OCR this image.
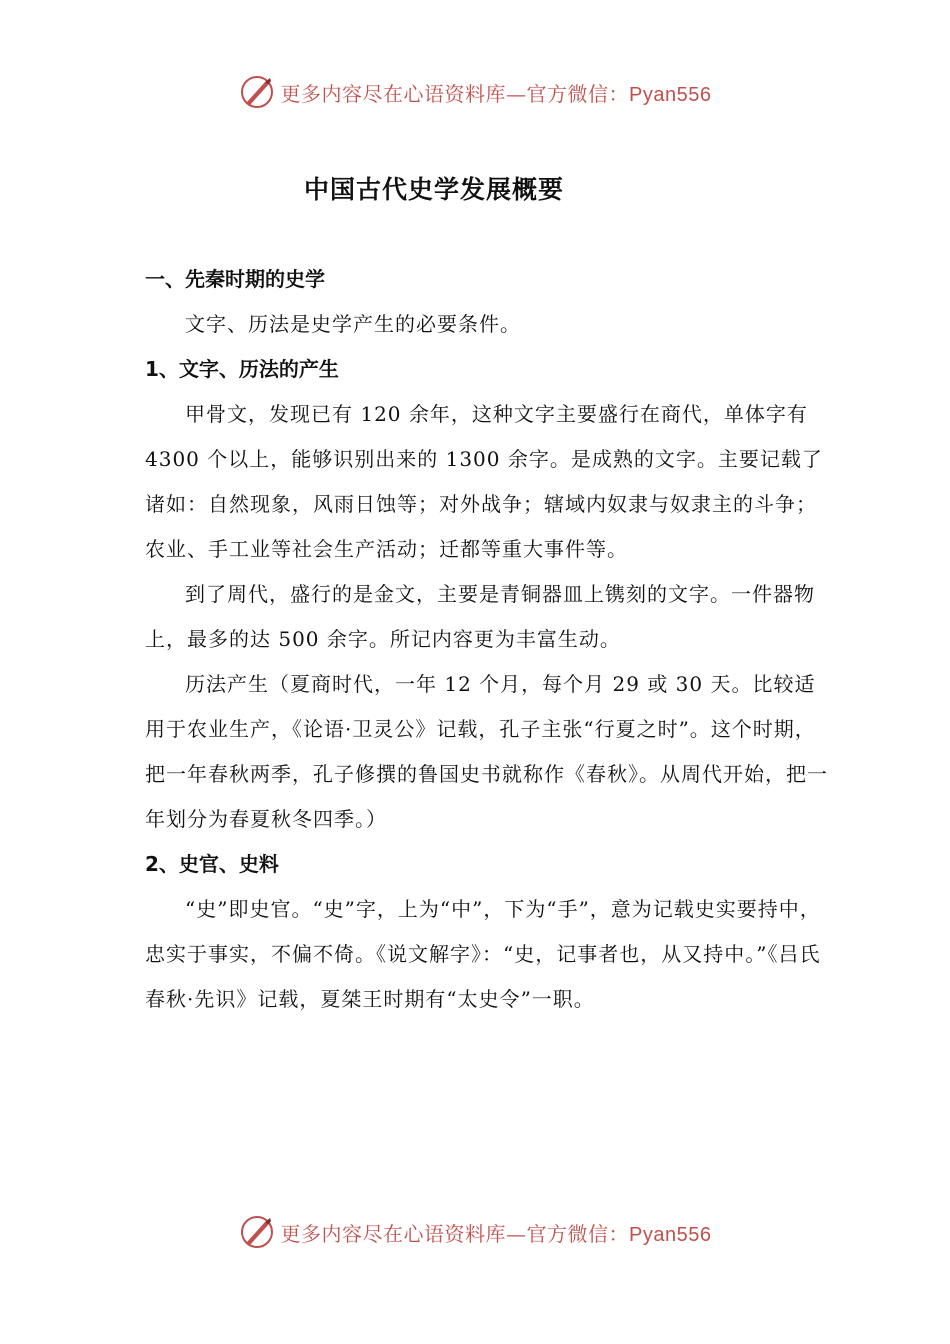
更多内容尽在心语资料库—官方微信：Pyan556
中国古代史学发展概要

一、先秦时期的史学

文字、历法是史学产生的必要条件。

1、文字、历法的产生

甲骨文，发现已有 120 余年，这种文字主要盛行在商代，单体字有 4300 个以上，能够识别出来的 1300 余字。是成熟的文字。主要记载了诸如：自然现象，风雨日蚀等；对外战争；辖域内奴隶与奴隶主的斗争；农业、手工业等社会生产活动；迁都等重大事件等。

到了周代，盛行的是金文，主要是青铜器皿上镌刻的文字。一件器物上，最多的达 500 余字。所记内容更为丰富生动。

历法产生（夏商时代，一年 12 个月，每个月 29 或 30 天。比较适用于农业生产，《论语·卫灵公》记载，孔子主张“行夏之时”。这个时期，把一年春秋两季，孔子修撰的鲁国史书就称作《春秋》。从周代开始，把一年划分为春夏秋冬四季。）

2、史官、史料

“史”即史官。“史”字，上为“中”，下为“手”，意为记载史实要持中，忠实于事实，不偏不倚。《说文解字》：“史，记事者也，从又持中。”《吕氏春秋·先识》记载，夏桀王时期有“太史令”一职。

更多内容尽在心语资料库—官方微信：Pyan556
